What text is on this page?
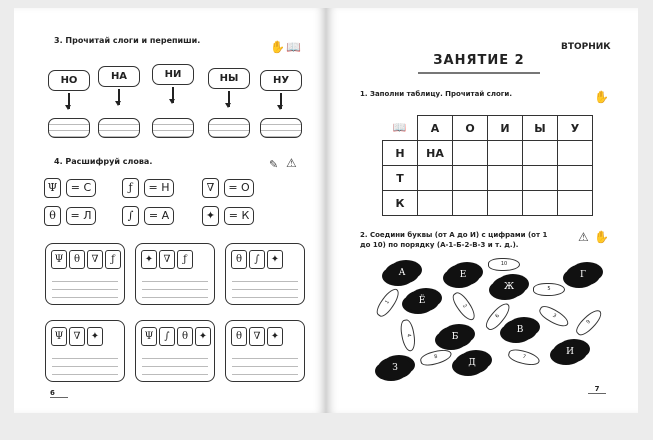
3. Прочитай слоги и перепиши.	✋ 📖
НО	НА	НИ	НЫ	НУ
4. Расшифруй слова.	✎ ⚠
Ψ	= С	ƒ	= Н	∇	= О
θ	= Л	∫	= А	✦	= К
Ψ	θ	∇	ƒ	✦	∇	ƒ	θ	∫	✦
Ψ	∇	✦	Ψ	∫	θ	✦	θ	∇	✦
6
ВТОРНИК
ЗАНЯТИЕ 2
1. Заполни таблицу. Прочитай слоги.	✋
📖	А	О	И	Ы	У
Н	НА				
Т					
К					
2. Соедини буквы (от А до И) с цифрами (от 1
до 10) по порядку (А-1-Б-2-В-3 и т. д.).
⚠ ✋
А	Е
Ж
Г
Ё
В
Б
И
З	Д
10
5
1
2
6	3
9
4
8	7
7
